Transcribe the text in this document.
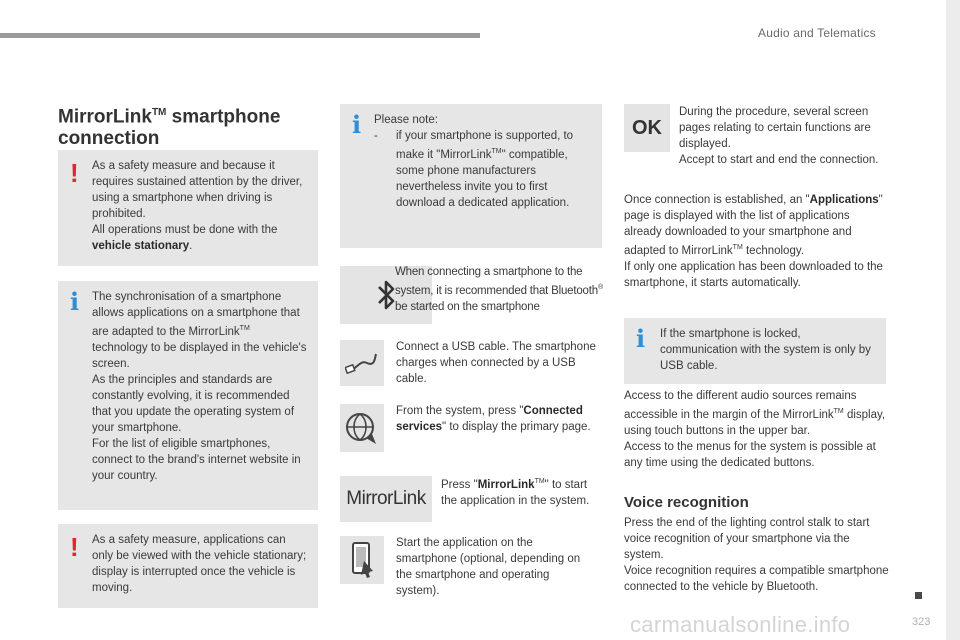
Audio and Telematics
323
carmanualsonline.info
MirrorLink™ smartphone connection
! As a safety measure and because it requires sustained attention by the driver, using a smartphone when driving is prohibited.
All operations must be done with the vehicle stationary.

i The synchronisation of a smartphone allows applications on a smartphone that are adapted to the MirrorLink™ technology to be displayed in the vehicle's screen.

As the principles and standards are constantly evolving, it is recommended that you update the operating system of your smartphone.

For the list of eligible smartphones, connect to the brand's internet website in your country.

! As a safety measure, applications can only be viewed with the vehicle stationary; display is interrupted once the vehicle is moving.

i Please note:

- if your smartphone is supported, to make it "MirrorLink™" compatible, some phone manufacturers nevertheless invite you to first download a dedicated application.

When connecting a smartphone to the system, it is recommended that Bluetooth® be started on the smartphone

Connect a USB cable. The smartphone charges when connected by a USB cable.

From the system, press "Connected services" to display the primary page.

MirrorLink

Press "MirrorLink™" to start the application in the system.

Start the application on the smartphone (optional, depending on the smartphone and operating system).

OK

During the procedure, several screen pages relating to certain functions are displayed.

Accept to start and end the connection.

Once connection is established, an "Applications" page is displayed with the list of applications already downloaded to your smartphone and adapted to MirrorLink™ technology.

If only one application has been downloaded to the smartphone, it starts automatically.

i If the smartphone is locked, communication with the system is only by USB cable.

Access to the different audio sources remains accessible in the margin of the MirrorLink™ display, using touch buttons in the upper bar.

Access to the menus for the system is possible at any time using the dedicated buttons.

Voice recognition

Press the end of the lighting control stalk to start voice recognition of your smartphone via the system.

Voice recognition requires a compatible smartphone connected to the vehicle by Bluetooth.
